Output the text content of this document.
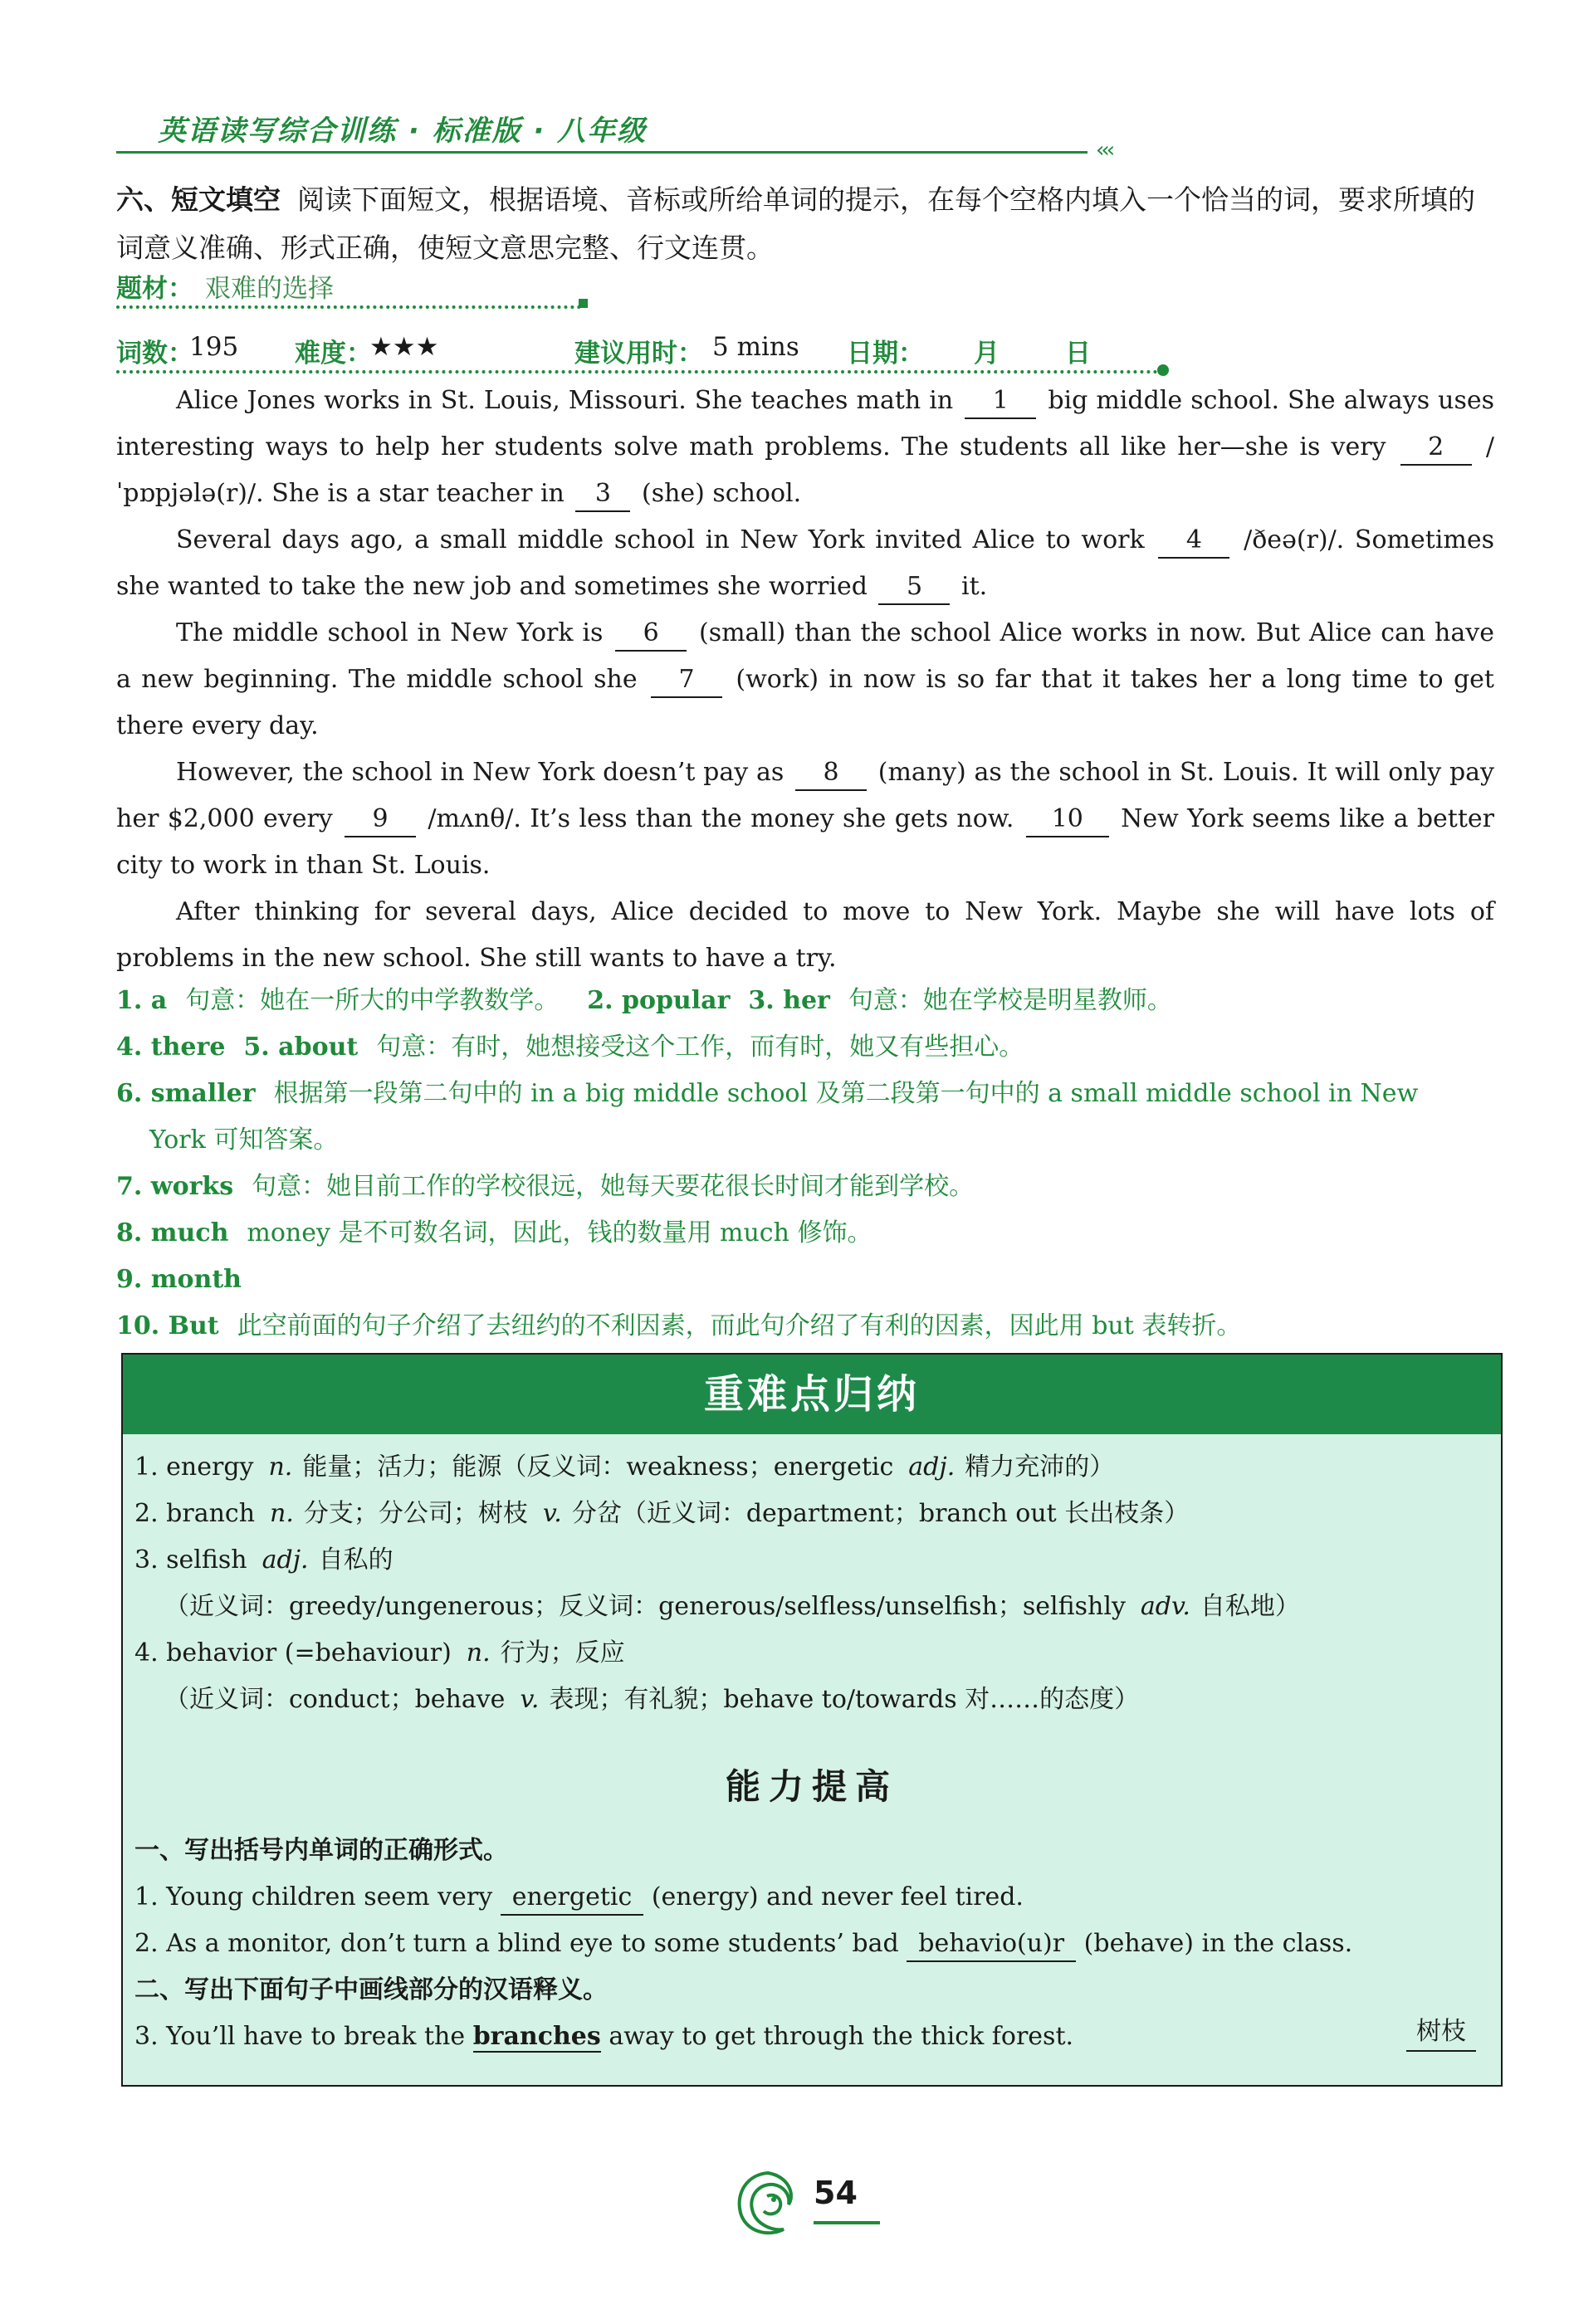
英语读写综合训练 · 标准版 · 八年级
‹‹‹
六、短文填空 阅读下面短文，根据语境、音标或所给单词的提示，在每个空格内填入一个恰当的词，要求所填的词意义准确、形式正确，使短文意思完整、行文连贯。
题材： 艰难的选择
词数：
195 难度：
★★★	建议用时： 5 mins 日期： 月	日

Alice Jones works in St. Louis, Missouri. She teaches math in 1 big middle school. She always uses interesting ways to help her students solve math problems. The students all like her—she is very 2 /ˈpɒpjələ(r)/. She is a star teacher in 3 (she) school.

Several days ago, a small middle school in New York invited Alice to work 4 /ðeə(r)/. Sometimes she wanted to take the new job and sometimes she worried 5 it.

The middle school in New York is 6 (small) than the school Alice works in now. But Alice can have a new beginning. The middle school she 7 (work) in now is so far that it takes her a long time to get there every day.

However, the school in New York doesn’t pay as 8 (many) as the school in St. Louis. It will only pay her $2,000 every 9 /mʌnθ/. It’s less than the money she gets now. 10 New York seems like a better city to work in than St. Louis.

After thinking for several days, Alice decided to move to New York. Maybe she will have lots of problems in the new school. She still wants to have a try.

1. a 句意：她在一所大的中学教数学。 2. popular 3. her 句意：她在学校是明星教师。
4. there 5. about 句意：有时，她想接受这个工作，而有时，她又有些担心。
6. smaller 根据第一段第二句中的 in a big middle school 及第二段第一句中的 a small middle school in New
York 可知答案。
7. works 句意：她目前工作的学校很远，她每天要花很长时间才能到学校。
8. much money 是不可数名词，因此，钱的数量用 much 修饰。
9. month
10. But 此空前面的句子介绍了去纽约的不利因素，而此句介绍了有利的因素，因此用 but 表转折。
重难点归纳
1. energy n. 能量；活力；能源（反义词：weakness；energetic adj. 精力充沛的）
2. branch n. 分支；分公司；树枝 v. 分岔（近义词：department；branch out 长出枝条）
3. selfish adj. 自私的
（近义词：greedy/ungenerous；反义词：generous/selfless/unselfish；selfishly adv. 自私地）
4. behavior (=behaviour) n. 行为；反应
（近义词：conduct；behave v. 表现；有礼貌；behave to/towards 对……的态度）
能力提高
一、写出括号内单词的正确形式。
1. Young children seem very energetic (energy) and never feel tired.
2. As a monitor, don’t turn a blind eye to some students’ bad behavio(u)r (behave) in the class.
二、写出下面句子中画线部分的汉语释义。
3. You’ll have to break the branches away to get through the thick forest.	树枝
54
